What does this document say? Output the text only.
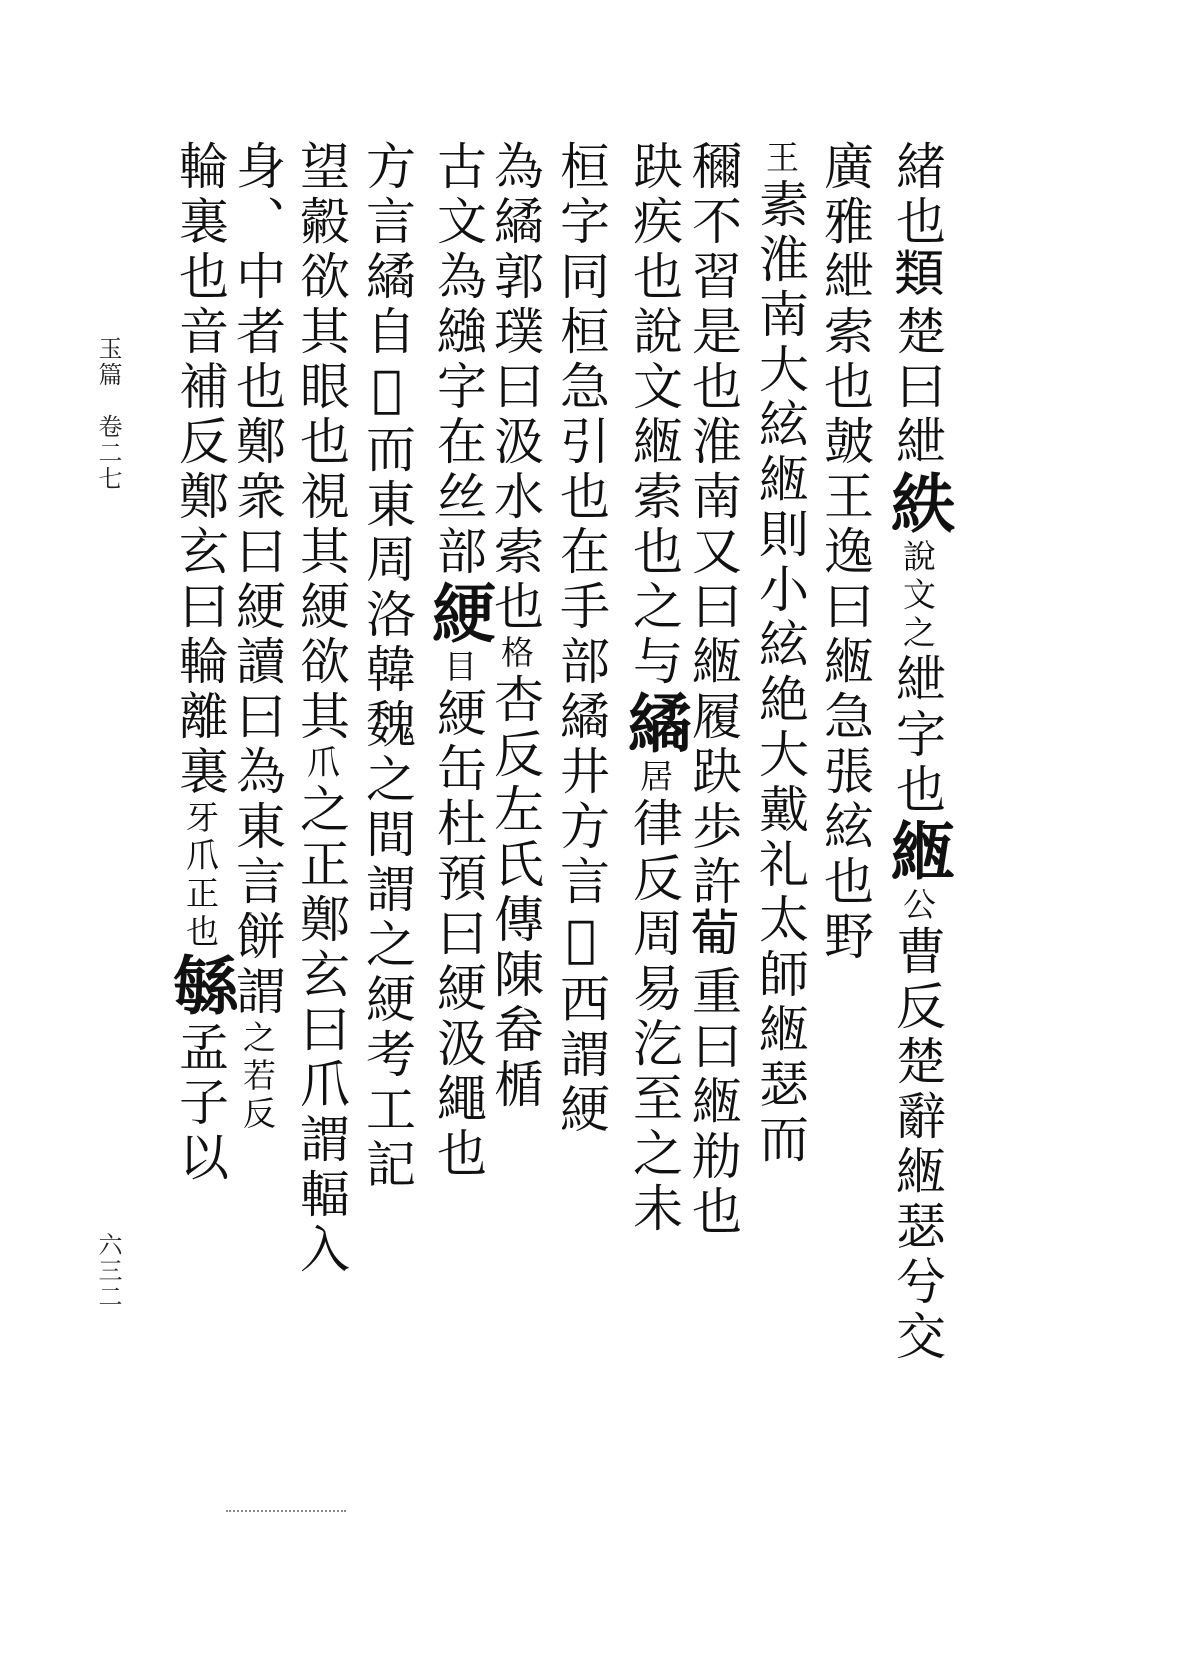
玉篇　卷二七
六三二
緒也𩔖楚曰紲紩說文之紲字也緪公曹反楚辭緪瑟兮交
廣雅紲索也皷王逸曰緪急張絃也野
王素淮南大絃緪則小絃絶大戴礼太師緪瑟而
穪不習是也淮南又曰緪履趹歩許𤰈重曰緪㔙也
趹疾也說文緪索也之与繘居律反周易汔至之未
桓字同桓急引也在手部繘井方言𨵿西謂綆
為繘郭璞曰汲水索也格杏反左氏傳陳畚楯
古文為繈字在丝部綆目綆缶杜預曰綆汲繩也
方言繘自𨵿而東周洛韓魏之間謂之綆考工記
望㲉欲其眼也視其綆欲其爪之正鄭玄曰爪謂輻入
身、中者也鄭衆曰綆讀曰為東言餅謂之若反
輪裏也音補反鄭玄曰輪離裏牙爪正也緐孟子以
